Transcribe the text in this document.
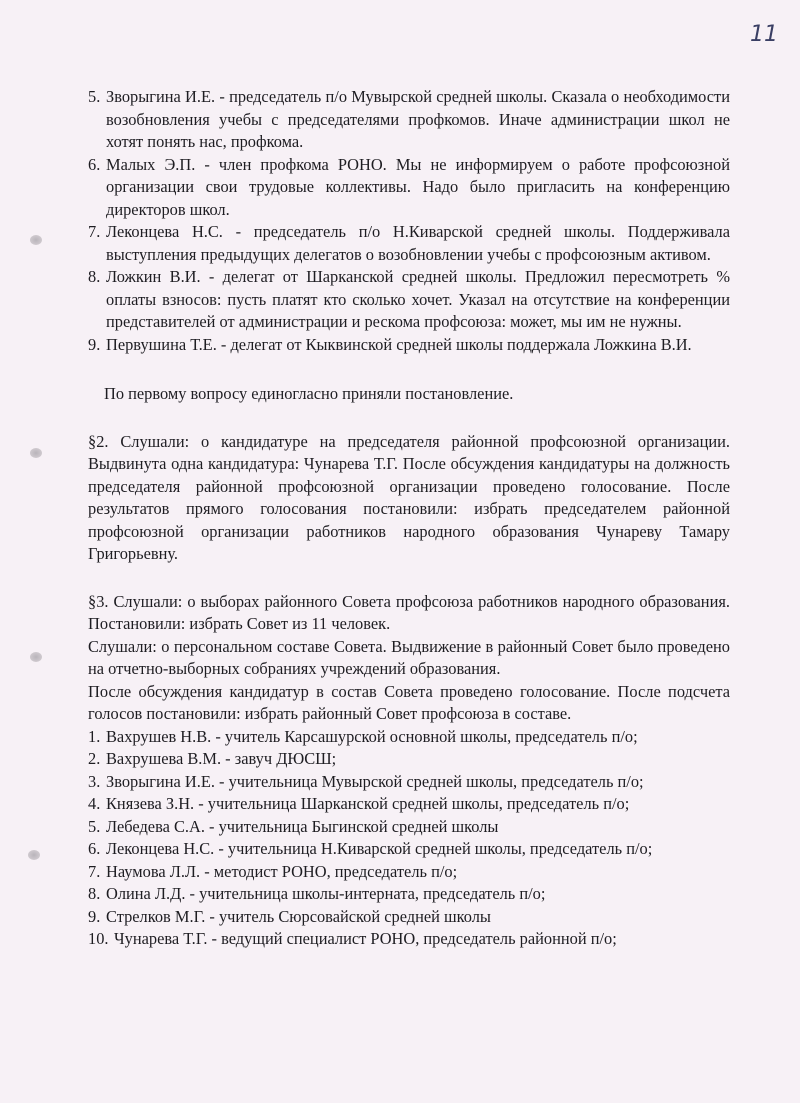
11
5. Зворыгина И.Е. - председатель п/о Мувырской средней школы. Сказала о необходимости возобновления учебы с председателями профкомов. Иначе администрации школ не хотят понять нас, профкома.
6. Малых Э.П. - член профкома РОНО. Мы не информируем о работе профсоюзной организации свои трудовые коллективы. Надо было пригласить на конференцию директоров школ.
7. Леконцева Н.С. - председатель п/о Н.Киварской средней школы. Поддерживала выступления предыдущих делегатов о возобновлении учебы с профсоюзным активом.
8. Ложкин В.И. - делегат от Шарканской средней школы. Предложил пересмотреть % оплаты взносов: пусть платят кто сколько хочет. Указал на отсутствие на конференции представителей от администрации и рескома профсоюза: может, мы им не нужны.
9. Первушина Т.Е. - делегат от Кыквинской средней школы поддержала Ложкина В.И.

По первому вопросу единогласно приняли постановление.

§2. Слушали: о кандидатуре на председателя районной профсоюзной организации. Выдвинута одна кандидатура: Чунарева Т.Г. После обсуждения кандидатуры на должность председателя районной профсоюзной организации проведено голосование. После результатов прямого голосования постановили: избрать председателем районной профсоюзной организации работников народного образования Чунареву Тамару Григорьевну.

§3. Слушали: о выборах районного Совета профсоюза работников народного образования. Постановили: избрать Совет из 11 человек.

Слушали: о персональном составе Совета. Выдвижение в районный Совет было проведено на отчетно-выборных собраниях учреждений образования.

После обсуждения кандидатур в состав Совета проведено голосование. После подсчета голосов постановили: избрать районный Совет профсоюза в составе.

1. Вахрушев Н.В. - учитель Карсашурской основной школы, председатель п/о;
2. Вахрушева В.М. - завуч ДЮСШ;
3. Зворыгина И.Е. - учительница Мувырской средней школы, председатель п/о;
4. Князева З.Н. - учительница Шарканской средней школы, председатель п/о;
5. Лебедева С.А. - учительница Быгинской средней школы
6. Леконцева Н.С. - учительница Н.Киварской средней школы, председатель п/о;
7. Наумова Л.Л. - методист РОНО, председатель п/о;
8. Олина Л.Д. - учительница школы-интерната, председатель п/о;
9. Стрелков М.Г. - учитель Сюрсовайской средней школы
10. Чунарева Т.Г. - ведущий специалист РОНО, председатель районной п/о;
